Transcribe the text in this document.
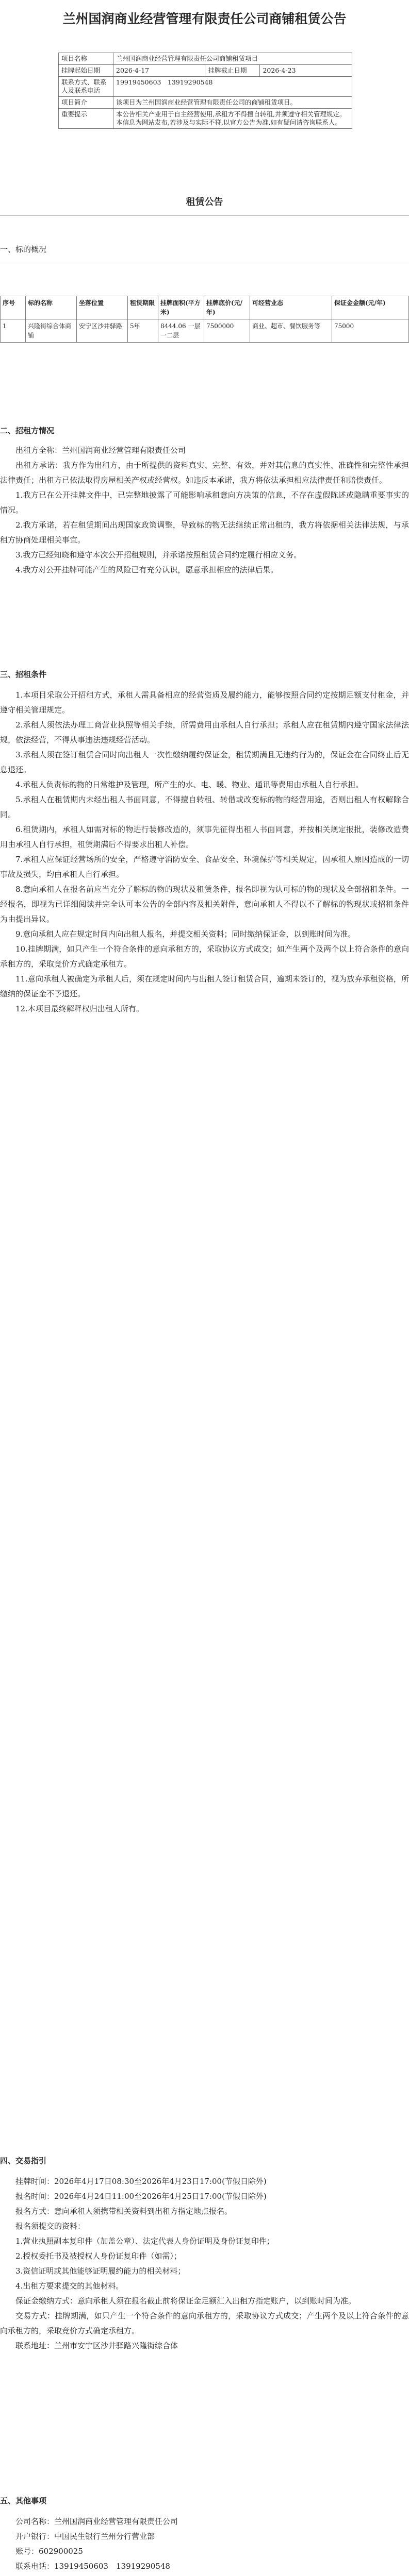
兰州国润商业经营管理有限责任公司商铺租赁公告
项目名称	兰州国润商业经营管理有限责任公司商铺租赁项目		
挂牌起始日期	2026-4-17	挂牌截止日期	2026-4-23
联系方式、联系人及联系电话	19919450603　13919290548		
项目简介	该项目为兰州国润商业经营管理有限责任公司的商铺租赁项目。		
重要提示	本公告相关产业用于自主经营使用,承租方不得擅自转租,并须遵守相关管理规定。本信息为网站发布,若涉及与实际不符,以官方公告为准,如有疑问请咨询联系人。		
租赁公告
一、标的概况
序号	标的名称	坐落位置	租赁期限	挂牌面积(平方米)	挂牌底价(元/年)	可经营业态	保证金金额(元/年)
1	兴隆街综合体商铺	安宁区沙井驿路	5年	8444.06 一层一二层	7500000	商业、超市、餐饮服务等	75000
二、招租方情况

出租方全称：兰州国润商业经营管理有限责任公司

出租方承诺：我方作为出租方，由于所提供的资料真实、完整、有效，并对其信息的真实性、准确性和完整性承担法律责任；出租方已依法取得房屋相关产权或经营权。如违反本承诺，我方将依法承担相应法律责任和赔偿责任。

1.我方已在公开挂牌文件中，已完整地披露了可能影响承租意向方决策的信息，不存在虚假陈述或隐瞒重要事实的情况。

2.我方承诺，若在租赁期间出现国家政策调整，导致标的物无法继续正常出租的，我方将依据相关法律法规，与承租方协商处理相关事宜。

3.我方已经知晓和遵守本次公开招租规则，并承诺按照租赁合同约定履行相应义务。

4.我方对公开挂牌可能产生的风险已有充分认识，愿意承担相应的法律后果。

三、招租条件

1.本项目采取公开招租方式，承租人需具备相应的经营资质及履约能力，能够按照合同约定按期足额支付租金，并遵守相关管理规定。

2.承租人须依法办理工商营业执照等相关手续，所需费用由承租人自行承担；承租人应在租赁期内遵守国家法律法规，依法经营，不得从事违法违规经营活动。

3.承租人须在签订租赁合同时向出租人一次性缴纳履约保证金，租赁期满且无违约行为的，保证金在合同终止后无息退还。

4.承租人负责标的物的日常维护及管理，所产生的水、电、暖、物业、通讯等费用由承租人自行承担。

5.承租人在租赁期内未经出租人书面同意，不得擅自转租、转借或改变标的物的经营用途，否则出租人有权解除合同。

6.租赁期内，承租人如需对标的物进行装修改造的，须事先征得出租人书面同意，并按相关规定报批，装修改造费用由承租人自行承担，租赁期满后不得要求出租人补偿。

7.承租人应保证经营场所的安全，严格遵守消防安全、食品安全、环境保护等相关规定，因承租人原因造成的一切事故及损失，均由承租人自行承担。

8.意向承租人在报名前应当充分了解标的物的现状及租赁条件，报名即视为认可标的物的现状及全部招租条件。一经报名，即视为已详细阅读并完全认可本公告的全部内容及相关附件，意向承租人不得以不了解标的物现状或招租条件为由提出异议。

9.意向承租人应在规定时间内向出租人报名，并提交相关资料；同时缴纳保证金，以到账时间为准。

10.挂牌期满，如只产生一个符合条件的意向承租方的，采取协议方式成交；如产生两个及两个以上符合条件的意向承租方的，采取竞价方式确定承租方。

11.意向承租人被确定为承租人后，须在规定时间内与出租人签订租赁合同，逾期未签订的，视为放弃承租资格，所缴纳的保证金不予退还。

12.本项目最终解释权归出租人所有。

四、交易指引

挂牌时间：2026年4月17日08:30至2026年4月23日17:00(节假日除外)

报名时间：2026年4月24日11:00至2026年4月25日17:00(节假日除外)

报名方式：意向承租人须携带相关资料到出租方指定地点报名。

报名须提交的资料：

1.营业执照副本复印件（加盖公章）、法定代表人身份证明及身份证复印件；

2.授权委托书及被授权人身份证复印件（如需）；

3.资信证明或其他能够证明履约能力的相关材料；

4.出租方要求提交的其他材料。

保证金缴纳方式：意向承租人须在报名截止前将保证金足额汇入出租方指定账户，以到账时间为准。

交易方式：挂牌期满，如只产生一个符合条件的意向承租方的，采取协议方式成交；产生两个及以上符合条件的意向承租方的，采取竞价方式确定承租方。

联系地址：兰州市安宁区沙井驿路兴隆街综合体

五、其他事项

公司名称：兰州国润商业经营管理有限责任公司

开户银行：中国民生银行兰州分行营业部

账号：602900025

联系电话：13919450603　13919290548
